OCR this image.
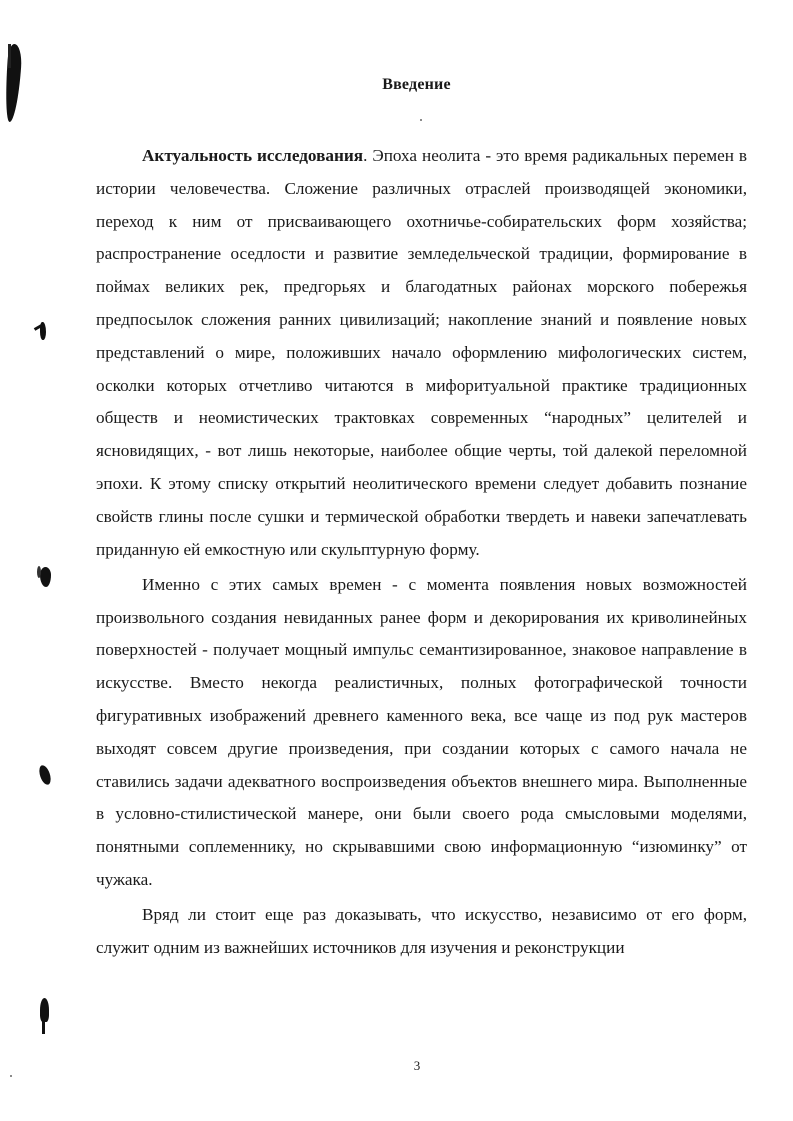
Введение

Актуальность исследования. Эпоха неолита - это время радикальных перемен в истории человечества. Сложение различных отраслей производящей экономики, переход к ним от присваивающего охотничье-собирательских форм хозяйства; распространение оседлости и развитие земледельческой традиции, формирование в поймах великих рек, предгорьях и благодатных районах морского побережья предпосылок сложения ранних цивилизаций; накопление знаний и появление новых представлений о мире, положивших начало оформлению мифологических систем, осколки которых отчетливо читаются в мифоритуальной практике традиционных обществ и неомистических трактовках современных “народных” целителей и ясновидящих, - вот лишь некоторые, наиболее общие черты, той далекой переломной эпохи. К этому списку открытий неолитического времени следует добавить познание свойств глины после сушки и термической обработки твердеть и навеки запечатлевать приданную ей емкостную или скульптурную форму.

Именно с этих самых времен - с момента появления новых возможностей произвольного создания невиданных ранее форм и декорирования их криволинейных поверхностей - получает мощный импульс семантизированное, знаковое направление в искусстве. Вместо некогда реалистичных, полных фотографической точности фигуративных изображений древнего каменного века, все чаще из под рук мастеров выходят совсем другие произведения, при создании которых с самого начала не ставились задачи адекватного воспроизведения объектов внешнего мира. Выполненные в условно-стилистической манере, они были своего рода смысловыми моделями, понятными соплеменнику, но скрывавшими свою информационную “изюминку” от чужака.

Вряд ли стоит еще раз доказывать, что искусство, независимо от его форм, служит одним из важнейших источников для изучения и реконструкции

3
